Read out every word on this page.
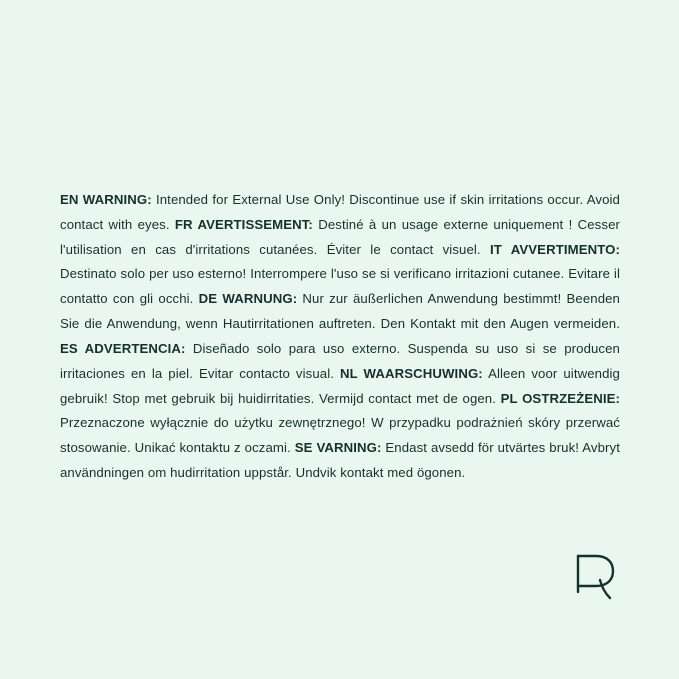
EN WARNING: Intended for External Use Only! Discontinue use if skin irritations occur. Avoid contact with eyes. FR AVERTISSEMENT: Destiné à un usage externe uniquement ! Cesser l'utilisation en cas d'irritations cutanées. Éviter le contact visuel. IT AVVERTIMENTO: Destinato solo per uso esterno! Interrompere l'uso se si verificano irritazioni cutanee. Evitare il contatto con gli occhi. DE WARNUNG: Nur zur äußerlichen Anwendung bestimmt! Beenden Sie die Anwendung, wenn Hautirritationen auftreten. Den Kontakt mit den Augen vermeiden. ES ADVERTENCIA: Diseñado solo para uso externo. Suspenda su uso si se producen irritaciones en la piel. Evitar contacto visual. NL WAARSCHUWING: Alleen voor uitwendig gebruik! Stop met gebruik bij huidirritaties. Vermijd contact met de ogen. PL OSTRZEŻENIE: Przeznaczone wyłącznie do użytku zewnętrznego! W przypadku podrażnień skóry przerwać stosowanie. Unikać kontaktu z oczami. SE VARNING: Endast avsedd för utvärtes bruk! Avbryt användningen om hudirritation uppstår. Undvik kontakt med ögonen.
